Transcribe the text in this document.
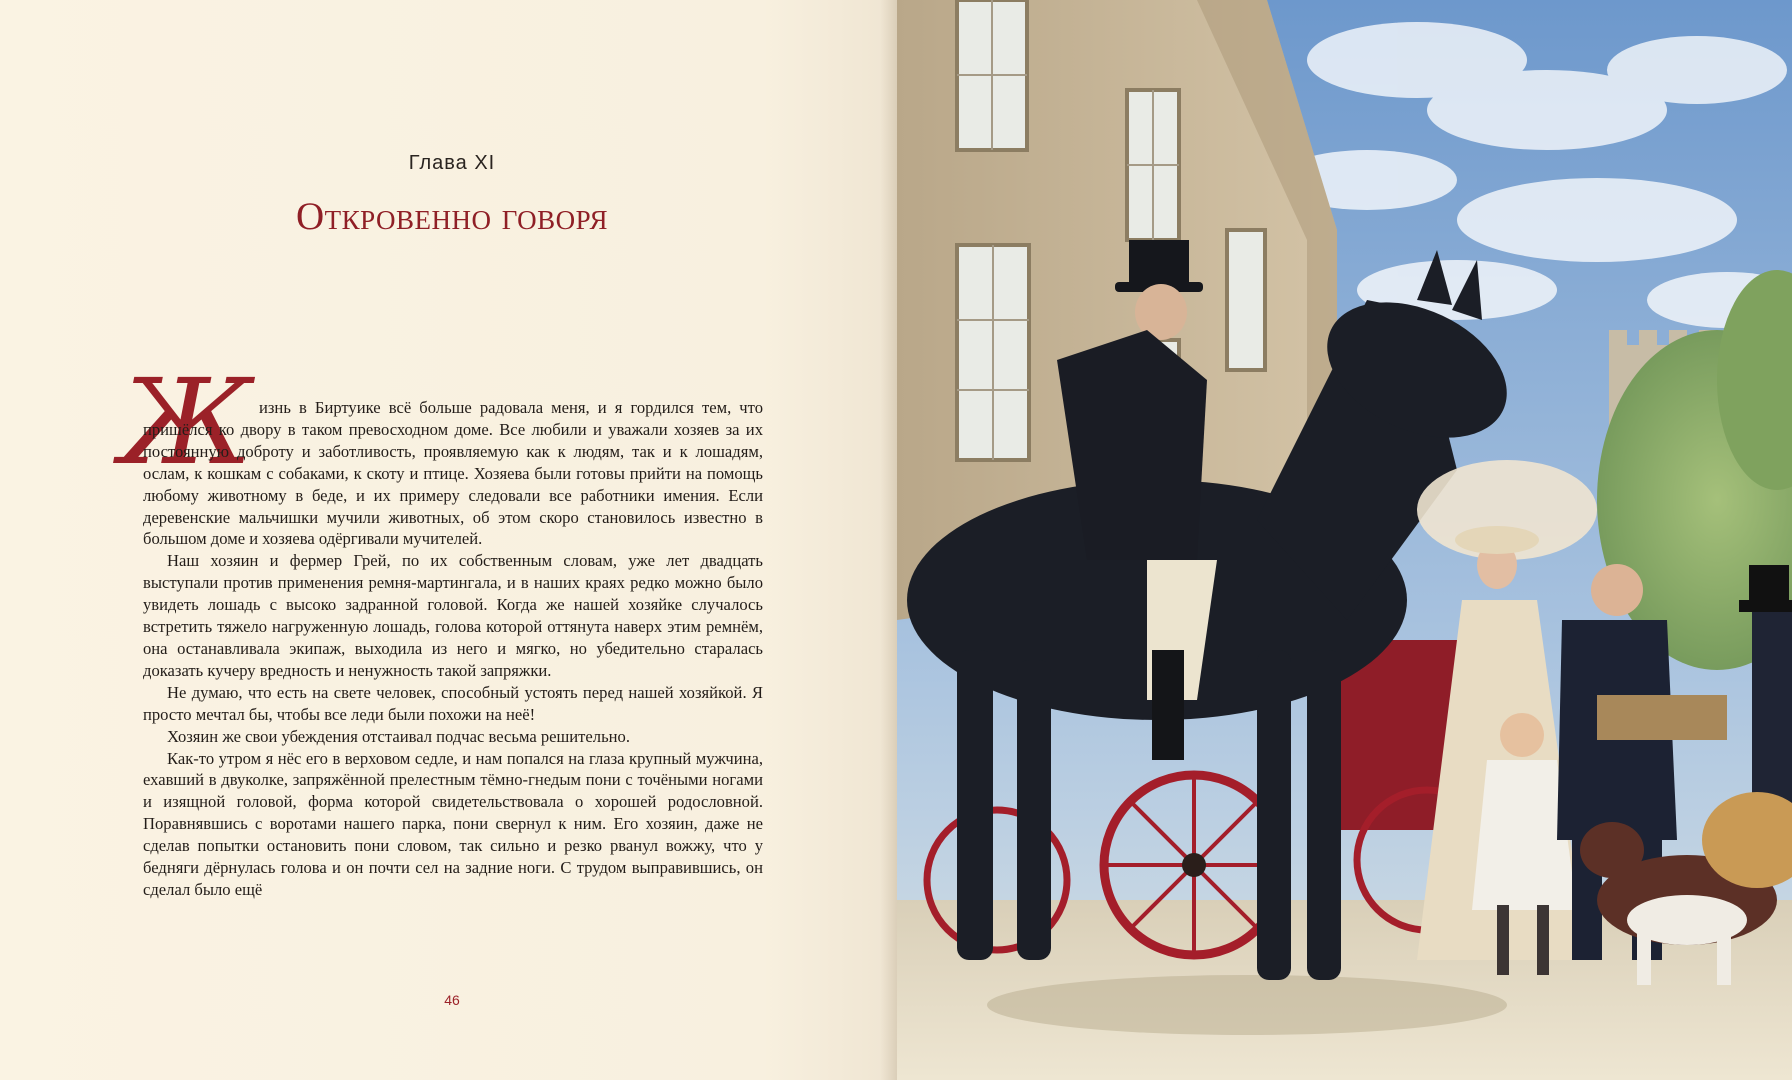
Глава XI
Откровенно говоря
Ж	изнь в Биртуике всё больше радовала меня, и я гордился тем, что пришёлся ко двору в таком превосходном доме. Все любили и уважали хозяев за их постоянную доброту и заботливость, проявляемую как к людям, так и к лошадям, ослам, к кошкам с собаками, к скоту и птице. Хозяева были готовы прийти на помощь любому животному в беде, и их примеру следовали все работники имения. Если деревенские мальчишки мучили животных, об этом скоро становилось известно в большом доме и хозяева одёргивали мучителей.

Наш хозяин и фермер Грей, по их собственным словам, уже лет двадцать выступали против применения ремня-мартингала, и в наших краях редко можно было увидеть лошадь с высоко задранной головой. Когда же нашей хозяйке случалось встретить тяжело нагруженную лошадь, голова которой оттянута наверх этим ремнём, она останавливала экипаж, выходила из него и мягко, но убедительно старалась доказать кучеру вредность и ненужность такой запряжки.

Не думаю, что есть на свете человек, способный устоять перед нашей хозяйкой. Я просто мечтал бы, чтобы все леди были похожи на неё!

Хозяин же свои убеждения отстаивал подчас весьма решительно.

Как-то утром я нёс его в верховом седле, и нам попался на глаза крупный мужчина, ехавший в двуколке, запряжённой прелестным тёмно-гнедым пони с точёными ногами и изящной головой, форма которой свидетельствовала о хорошей родословной. Поравнявшись с воротами нашего парка, пони свернул к ним. Его хозяин, даже не сделав попытки остановить пони словом, так сильно и резко рванул вожжу, что у бедняги дёрнулась голова и он почти сел на задние ноги. С трудом выправившись, он сделал было ещё

46
